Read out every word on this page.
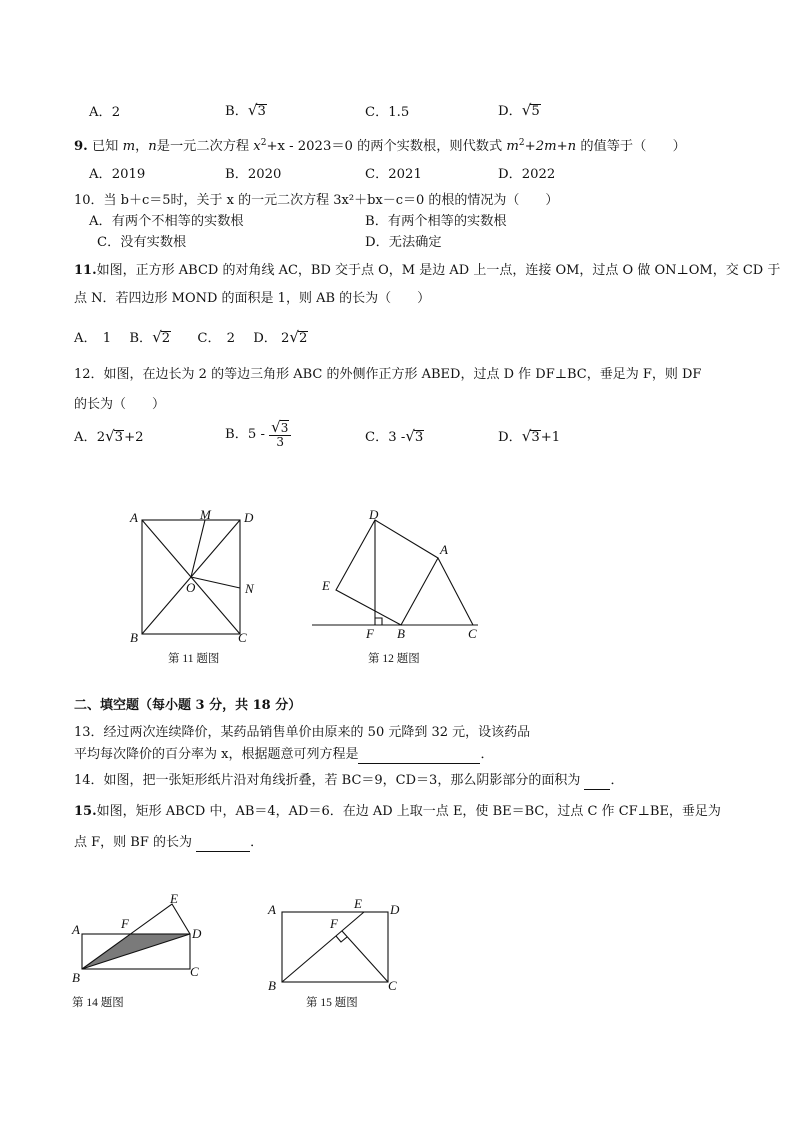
A．2	B．√3	C．1.5	D．√5
9. 已知 m，n是一元二次方程 $x^2+x - 2023=0$ 的两个实数根，则代数式 $m^2+2m+n$ 的值等于（　　）
A．2019	B．2020	C．2021	D．2022
10．当 b＋c＝5时，关于 x 的一元二次方程 3x²＋bx－c＝0 的根的情况为（　　）
A．有两个不相等的实数根	B．有两个相等的实数根
C．没有实数根	D．无法确定
11.如图，正方形 ABCD 的对角线 AC，BD 交于点 O，M 是边 AD 上一点，连接 OM，过点 O 做 ON⊥OM，交 CD 于
点 N．若四边形 MOND 的面积是 1，则 AB 的长为（　　）
A． 1 B．√2 C． 2 D． 2√2
12．如图，在边长为 2 的等边三角形 ABC 的外侧作正方形 ABED，过点 D 作 DF⊥BC，垂足为 F，则 DF
的长为（　　）
A．2√3+2	B．$5 - \frac{√3}{3}$	C．3 -√3	D．√3+1
A	M	D
O	N
B	C
第 11 题图
D
A
E
F B	C
第 12 题图
二、填空题（每小题 3 分，共 18 分）
13．经过两次连续降价，某药品销售单价由原来的 50 元降到 32 元，设该药品
平均每次降价的百分率为 x，根据题意可列方程是	．
14．如图，把一张矩形纸片沿对角线折叠，若 BC＝9，CD＝3，那么阴影部分的面积为 ．
15.如图，矩形 ABCD 中，AB＝4，AD＝6．在边 AD 上取一点 E，使 BE＝BC，过点 C 作 CF⊥BE，垂足为
点 F，则 BF 的长为	．
A	F
E
D
B	C
第 14 题图
A	E D
F
B	C
第 15 题图
